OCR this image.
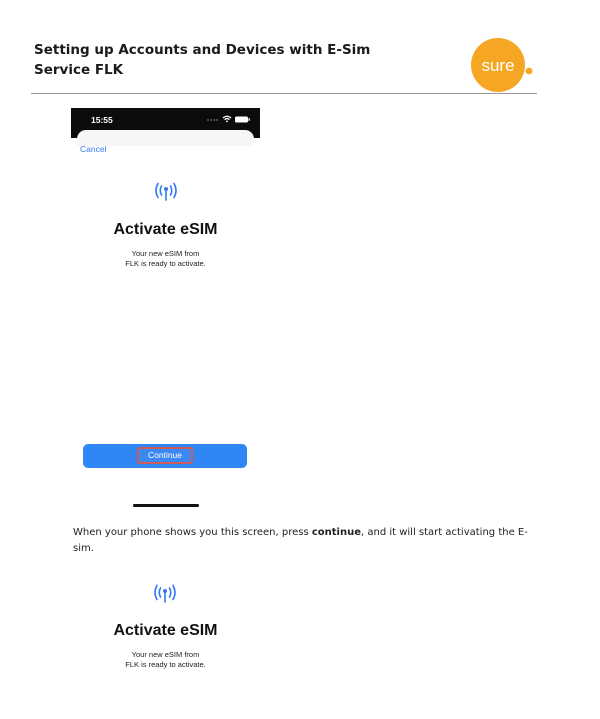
Setting up Accounts and Devices with E-Sim
Service FLK	sure
15:55
Cancel
Activate eSIM
Your new eSIM from
FLK is ready to activate.
Continue
When your phone shows you this screen, press continue, and it will start activating the E-sim.
Activate eSIM
Your new eSIM from
FLK is ready to activate.
